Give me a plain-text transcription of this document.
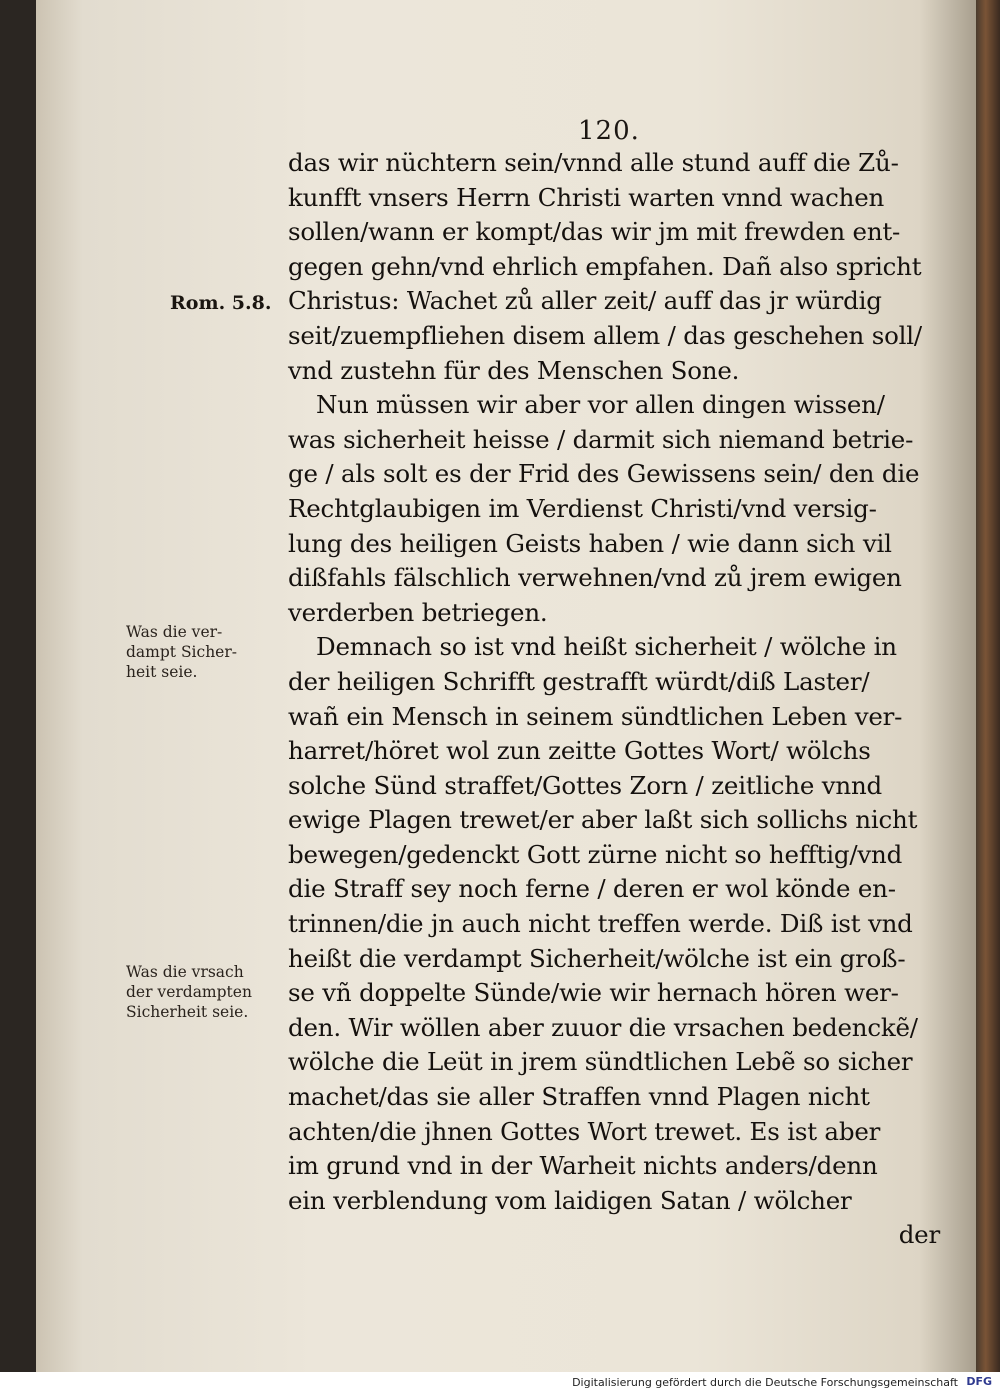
120.
Rom. 5.8.
Was die ver-
dampt Sicher-
heit seie.
Was die vrsach
der verdampten
Sicherheit seie.
das wir nüchtern sein/vnnd alle stund auff die Zů-
kunfft vnsers Herrn Christi warten vnnd wachen
sollen/wann er kompt/das wir jm mit frewden ent-
gegen gehn/vnd ehrlich empfahen. Dañ also spricht
Christus: Wachet zů aller zeit/ auff das jr würdig
seit/zuempfliehen disem allem / das geschehen soll/
vnd zustehn für des Menschen Sone.
Nun müssen wir aber vor allen dingen wissen/
was sicherheit heisse / darmit sich niemand betrie-
ge / als solt es der Frid des Gewissens sein/ den die
Rechtglaubigen im Verdienst Christi/vnd versig-
lung des heiligen Geists haben / wie dann sich vil
dißfahls fälschlich verwehnen/vnd zů jrem ewigen
verderben betriegen.
Demnach so ist vnd heißt sicherheit / wölche in
der heiligen Schrifft gestrafft würdt/diß Laster/
wañ ein Mensch in seinem sündtlichen Leben ver-
harret/höret wol zun zeitte Gottes Wort/ wölchs
solche Sünd straffet/Gottes Zorn / zeitliche vnnd
ewige Plagen trewet/er aber laßt sich sollichs nicht
bewegen/gedenckt Gott zürne nicht so hefftig/vnd
die Straff sey noch ferne / deren er wol könde en-
trinnen/die jn auch nicht treffen werde. Diß ist vnd
heißt die verdampt Sicherheit/wölche ist ein groß-
se vñ doppelte Sünde/wie wir hernach hören wer-
den. Wir wöllen aber zuuor die vrsachen bedenckẽ/
wölche die Leüt in jrem sündtlichen Lebẽ so sicher
machet/das sie aller Straffen vnnd Plagen nicht
achten/die jhnen Gottes Wort trewet. Es ist aber
im grund vnd in der Warheit nichts anders/denn
ein verblendung vom laidigen Satan / wölcher
der
Digitalisierung gefördert durch die Deutsche Forschungsgemeinschaft DFG
